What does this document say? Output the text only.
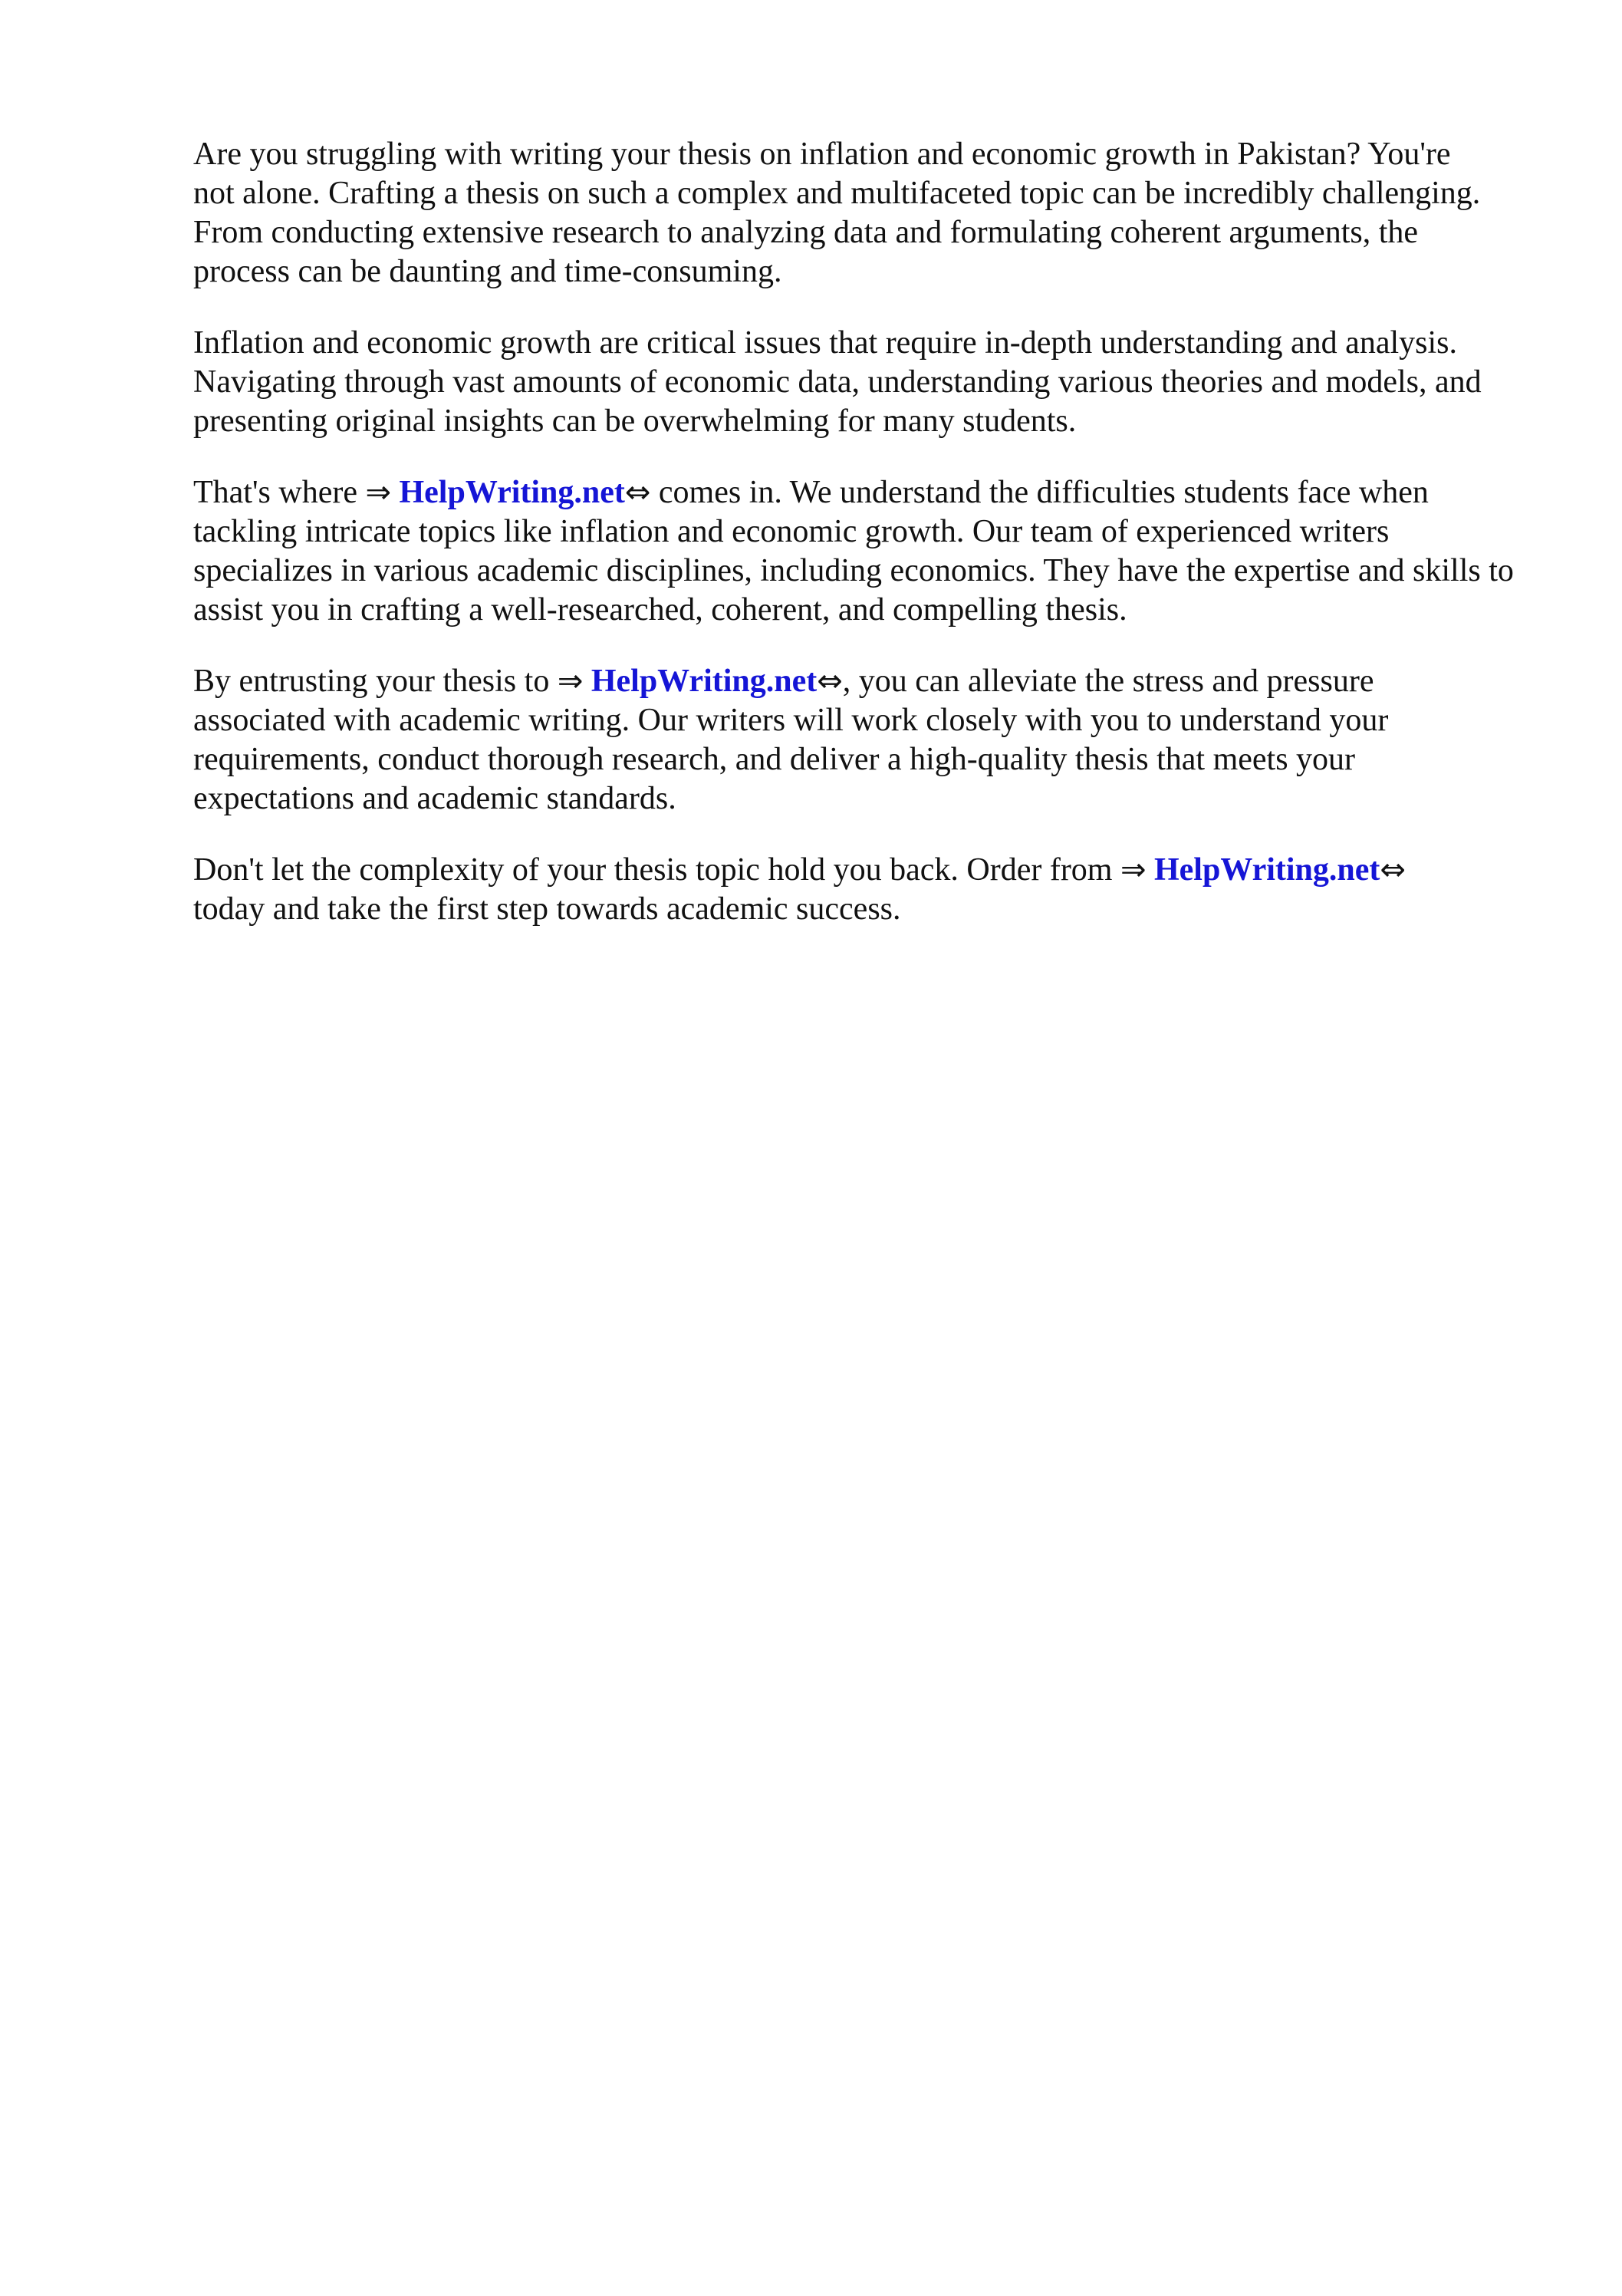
Are you struggling with writing your thesis on inflation and economic growth in Pakistan? You're
not alone. Crafting a thesis on such a complex and multifaceted topic can be incredibly challenging.
From conducting extensive research to analyzing data and formulating coherent arguments, the
process can be daunting and time-consuming.

Inflation and economic growth are critical issues that require in-depth understanding and analysis.
Navigating through vast amounts of economic data, understanding various theories and models, and
presenting original insights can be overwhelming for many students.

That's where ⇒ HelpWriting.net⇔ comes in. We understand the difficulties students face when
tackling intricate topics like inflation and economic growth. Our team of experienced writers
specializes in various academic disciplines, including economics. They have the expertise and skills to
assist you in crafting a well-researched, coherent, and compelling thesis.

By entrusting your thesis to ⇒ HelpWriting.net⇔, you can alleviate the stress and pressure
associated with academic writing. Our writers will work closely with you to understand your
requirements, conduct thorough research, and deliver a high-quality thesis that meets your
expectations and academic standards.

Don't let the complexity of your thesis topic hold you back. Order from ⇒ HelpWriting.net⇔
today and take the first step towards academic success.
